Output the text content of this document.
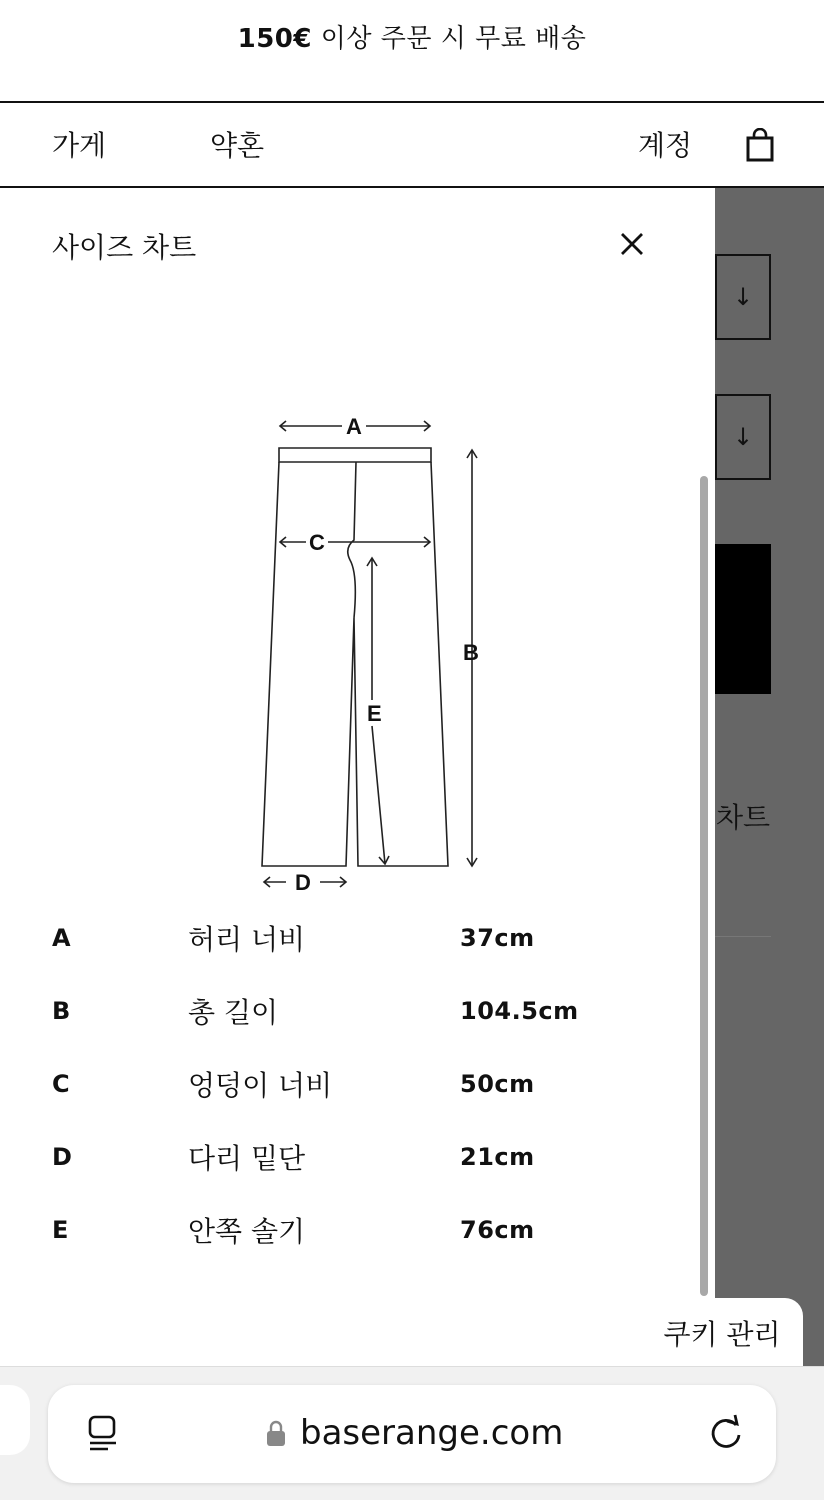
150€ 이상 주문 시 무료 배송
가게	약혼	계정
↓
↓
차트
사이즈 차트
A
B
C
D
E
A	허리 너비	37cm
B	총 길이	104.5cm
C	엉덩이 너비	50cm
D	다리 밑단	21cm
E	안쪽 솔기	76cm
쿠키 관리
baserange.com
